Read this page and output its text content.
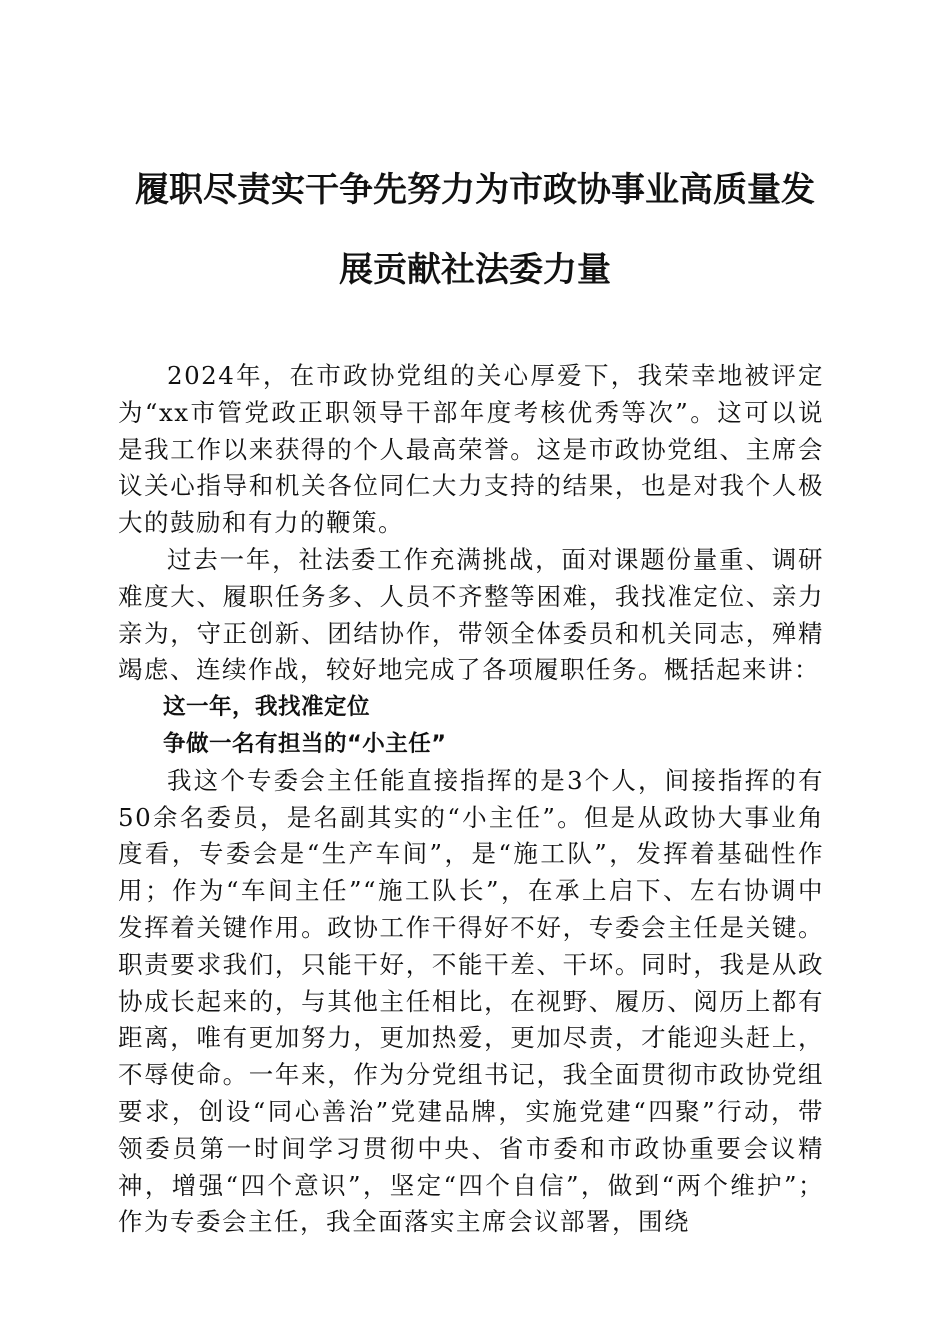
履职尽责实干争先努力为市政协事业高质量发
展贡献社法委力量

2024年，在市政协党组的关心厚爱下，我荣幸地被评定为“xx市管党政正职领导干部年度考核优秀等次”。这可以说是我工作以来获得的个人最高荣誉。这是市政协党组、主席会议关心指导和机关各位同仁大力支持的结果，也是对我个人极大的鼓励和有力的鞭策。

过去一年，社法委工作充满挑战，面对课题份量重、调研难度大、履职任务多、人员不齐整等困难，我找准定位、亲力亲为，守正创新、团结协作，带领全体委员和机关同志，殚精竭虑、连续作战，较好地完成了各项履职任务。概括起来讲：

这一年，我找准定位

争做一名有担当的“小主任”

我这个专委会主任能直接指挥的是3个人，间接指挥的有50余名委员，是名副其实的“小主任”。但是从政协大事业角度看，专委会是“生产车间”，是“施工队”，发挥着基础性作用；作为“车间主任”“施工队长”，在承上启下、左右协调中发挥着关键作用。政协工作干得好不好，专委会主任是关键。职责要求我们，只能干好，不能干差、干坏。同时，我是从政协成长起来的，与其他主任相比，在视野、履历、阅历上都有距离，唯有更加努力，更加热爱，更加尽责，才能迎头赶上，不辱使命。一年来，作为分党组书记，我全面贯彻市政协党组要求，创设“同心善治”党建品牌，实施党建“四聚”行动，带领委员第一时间学习贯彻中央、省市委和市政协重要会议精神，增强“四个意识”，坚定“四个自信”，做到“两个维护”；作为专委会主任，我全面落实主席会议部署，围绕
